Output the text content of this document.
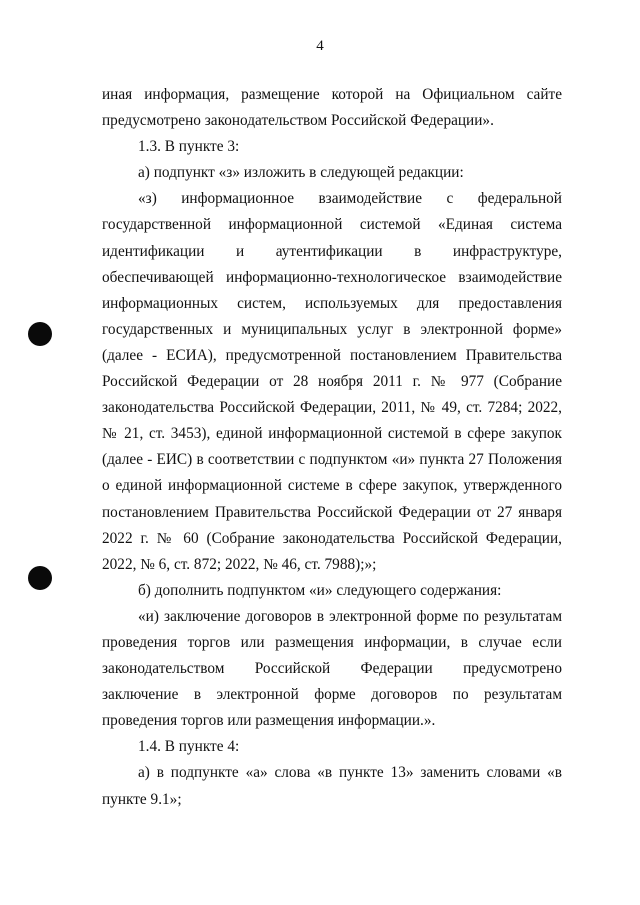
4

иная информация, размещение которой на Официальном сайте предусмотрено законодательством Российской Федерации».

1.3. В пункте 3:

а) подпункт «з» изложить в следующей редакции:

«з) информационное взаимодействие с федеральной государственной информационной системой «Единая система идентификации и аутентификации в инфраструктуре, обеспечивающей информационно-технологическое взаимодействие информационных систем, используемых для предоставления государственных и муниципальных услуг в электронной форме» (далее - ЕСИА), предусмотренной постановлением Правительства Российской Федерации от 28 ноября 2011 г. № 977 (Собрание законодательства Российской Федерации, 2011, № 49, ст. 7284; 2022, № 21, ст. 3453), единой информационной системой в сфере закупок (далее - ЕИС) в соответствии с подпунктом «и» пункта 27 Положения о единой информационной системе в сфере закупок, утвержденного постановлением Правительства Российской Федерации от 27 января 2022 г. № 60 (Собрание законодательства Российской Федерации, 2022, № 6, ст. 872; 2022, № 46, ст. 7988);»;

б) дополнить подпунктом «и» следующего содержания:

«и) заключение договоров в электронной форме по результатам проведения торгов или размещения информации, в случае если законодательством Российской Федерации предусмотрено заключение в электронной форме договоров по результатам проведения торгов или размещения информации.».

1.4. В пункте 4:

а) в подпункте «а» слова «в пункте 13» заменить словами «в пункте 9.1»;
